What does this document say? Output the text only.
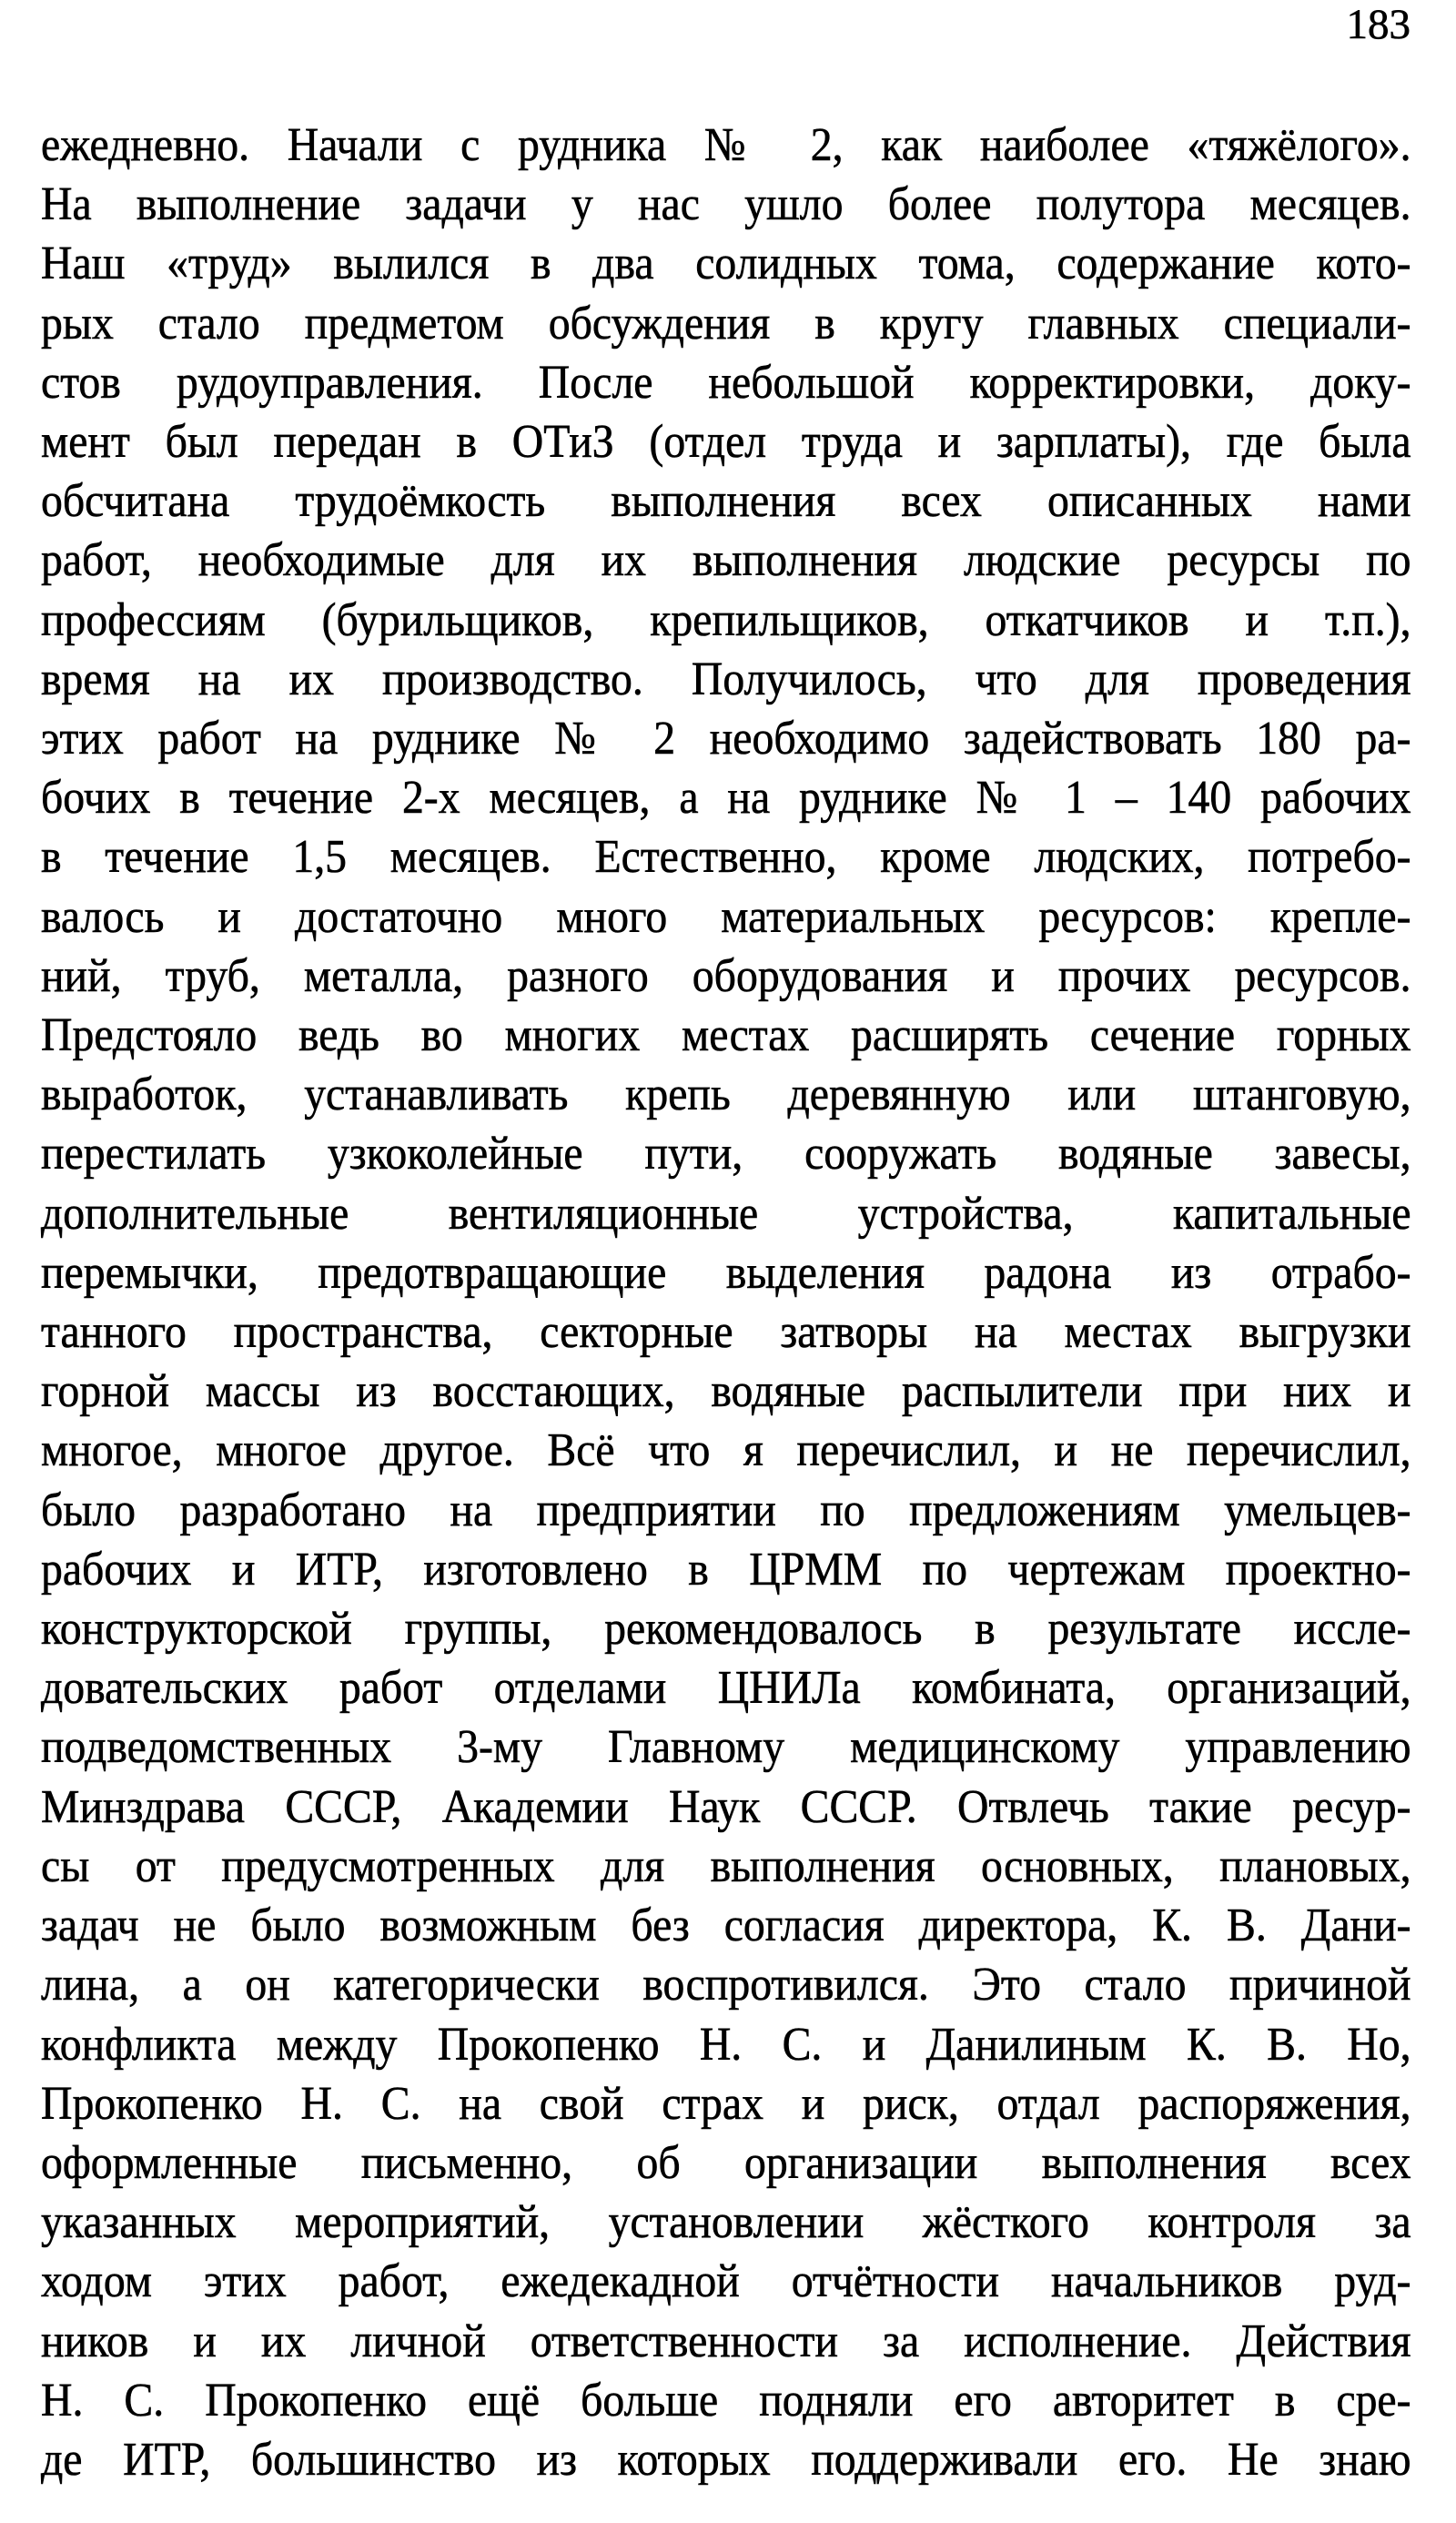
183
ежедневно. Начали с рудника № 2, как наиболее «тяжёлого».
На выполнение задачи у нас ушло более полутора месяцев.
Наш «труд» вылился в два солидных тома, содержание кото-
рых стало предметом обсуждения в кругу главных специали-
стов рудоуправления. После небольшой корректировки, доку-
мент был передан в ОТиЗ (отдел труда и зарплаты), где была
обсчитана трудоёмкость выполнения всех описанных нами
работ, необходимые для их выполнения людские ресурсы по
профессиям (бурильщиков, крепильщиков, откатчиков и т.п.),
время на их производство. Получилось, что для проведения
этих работ на руднике № 2 необходимо задействовать 180 ра-
бочих в течение 2-х месяцев, а на руднике № 1 – 140 рабочих
в течение 1,5 месяцев. Естественно, кроме людских, потребо-
валось и достаточно много материальных ресурсов: крепле-
ний, труб, металла, разного оборудования и прочих ресурсов.
Предстояло ведь во многих местах расширять сечение горных
выработок, устанавливать крепь деревянную или штанговую,
перестилать узкоколейные пути, сооружать водяные завесы,
дополнительные вентиляционные устройства, капитальные
перемычки, предотвращающие выделения радона из отрабо-
танного пространства, секторные затворы на местах выгрузки
горной массы из восстающих, водяные распылители при них и
многое, многое другое. Всё что я перечислил, и не перечислил,
было разработано на предприятии по предложениям умельцев-
рабочих и ИТР, изготовлено в ЦРММ по чертежам проектно-
конструкторской группы, рекомендовалось в результате иссле-
довательских работ отделами ЦНИЛа комбината, организаций,
подведомственных 3-му Главному медицинскому управлению
Минздрава СССР, Академии Наук СССР. Отвлечь такие ресур-
сы от предусмотренных для выполнения основных, плановых,
задач не было возможным без согласия директора, К. В. Дани-
лина, а он категорически воспротивился. Это стало причиной
конфликта между Прокопенко Н. С. и Данилиным К. В. Но,
Прокопенко Н. С. на свой страх и риск, отдал распоряжения,
оформленные письменно, об организации выполнения всех
указанных мероприятий, установлении жёсткого контроля за
ходом этих работ, ежедекадной отчётности начальников руд-
ников и их личной ответственности за исполнение. Действия
Н. С. Прокопенко ещё больше подняли его авторитет в сре-
де ИТР, большинство из которых поддерживали его. Не знаю
